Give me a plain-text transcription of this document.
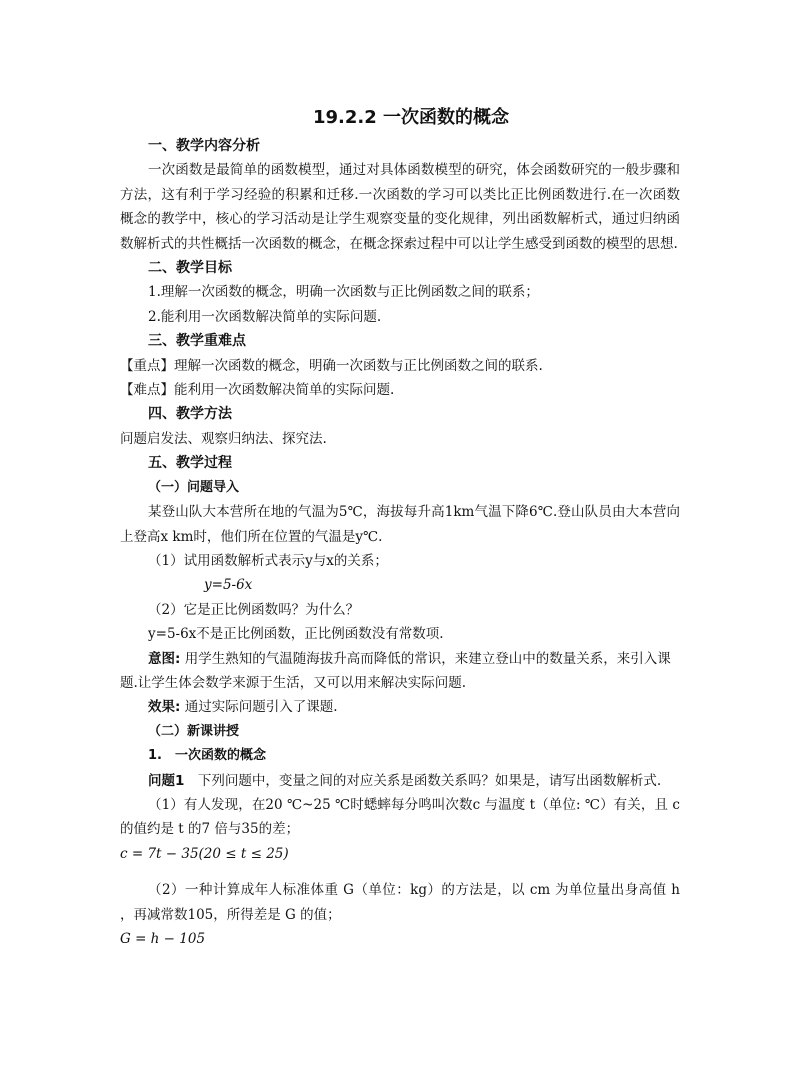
19.2.2 一次函数的概念
一、教学内容分析
一次函数是最简单的函数模型，通过对具体函数模型的研究，体会函数研究的一般步骤和方法，这有利于学习经验的积累和迁移.一次函数的学习可以类比正比例函数进行.在一次函数概念的教学中，核心的学习活动是让学生观察变量的变化规律，列出函数解析式，通过归纳函数解析式的共性概括一次函数的概念，在概念探索过程中可以让学生感受到函数的模型的思想.
二、教学目标
1.理解一次函数的概念，明确一次函数与正比例函数之间的联系；
2.能利用一次函数解决简单的实际问题.
三、教学重难点
【重点】理解一次函数的概念，明确一次函数与正比例函数之间的联系.
【难点】能利用一次函数解决简单的实际问题.
四、教学方法
问题启发法、观察归纳法、探究法.
五、教学过程
（一）问题导入
某登山队大本营所在地的气温为5℃，海拔每升高1km气温下降6℃.登山队员由大本营向上登高x km时，他们所在位置的气温是y℃.
（1）试用函数解析式表示y与x的关系；
y=5-6x
（2）它是正比例函数吗？为什么？
y=5-6x不是正比例函数，正比例函数没有常数项.
意图: 用学生熟知的气温随海拔升高而降低的常识，来建立登山中的数量关系，来引入课题.让学生体会数学来源于生活，又可以用来解决实际问题.
效果: 通过实际问题引入了课题.
（二）新课讲授
1.　一次函数的概念
问题1　下列问题中，变量之间的对应关系是函数关系吗？如果是，请写出函数解析式.
（1）有人发现，在20 ℃~25 ℃时蟋蟀每分鸣叫次数c 与温度 t（单位: ℃）有关，且 c 的值约是 t 的7 倍与35的差；
c = 7t − 35(20 ≤ t ≤ 25)
（2）一种计算成年人标准体重 G（单位：kg）的方法是，以 cm 为单位量出身高值 h ，再减常数105，所得差是 G 的值；
G = h − 105
